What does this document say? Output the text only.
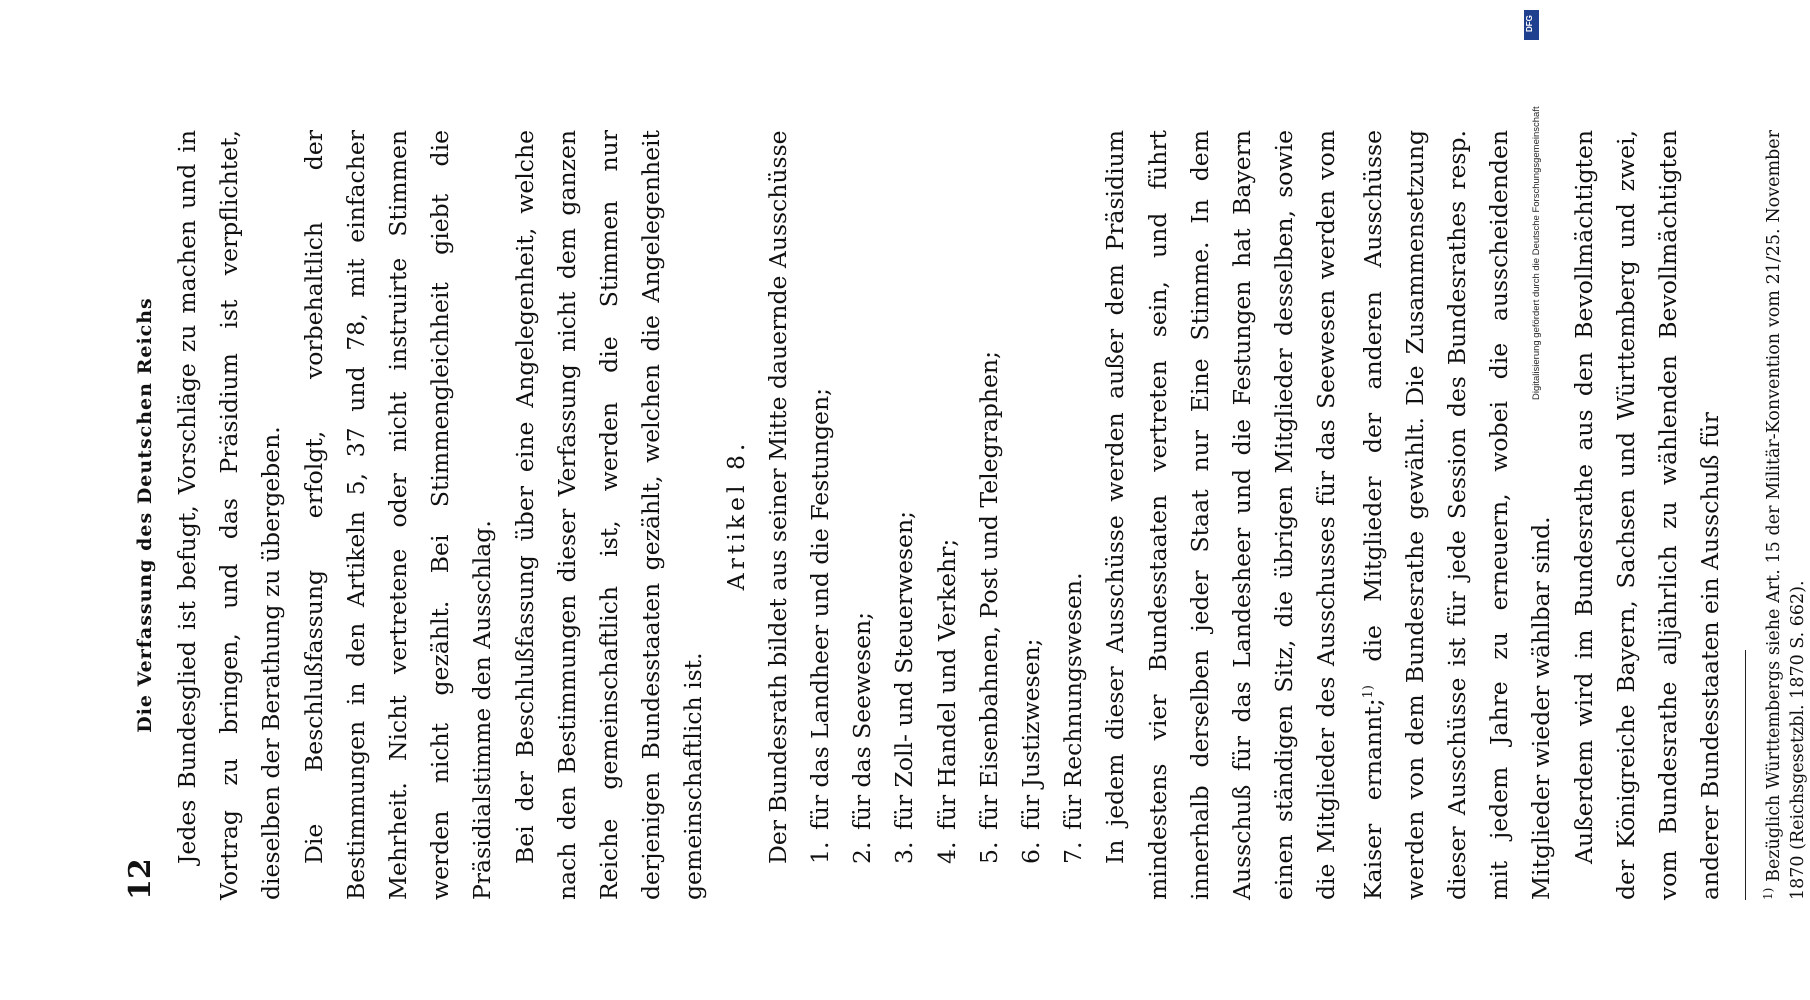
12
Die Verfassung des Deutschen Reichs Jedes Bundesglied ist befugt, Vorschläge zu machen und in Vortrag zu bringen, und das Präsidium ist verpflichtet, dieselben der Berathung zu übergeben. Die Beschlußfassung erfolgt, vorbehaltlich der Bestimmungen in den Artikeln 5, 37 und 78, mit einfacher Mehrheit. Nicht vertretene oder nicht instruirte Stimmen werden nicht gezählt. Bei Stimmengleichheit giebt die Präsidialstimme den Ausschlag. Bei der Beschlußfassung über eine Angelegenheit, welche nach den Bestimmungen dieser Verfassung nicht dem ganzen Reiche gemeinschaftlich ist, werden die Stimmen nur derjenigen Bundesstaaten gezählt, welchen die Angelegenheit gemeinschaftlich ist.

Artikel 8. Der Bundesrath bildet aus seiner Mitte dauernde Ausschüsse 1.für das Landheer und die Festungen;
2.für das Seewesen;
3.für Zoll- und Steuerwesen;
4.für Handel und Verkehr;
5.für Eisenbahnen, Post und Telegraphen;
6.für Justizwesen;
7.für Rechnungswesen. In jedem dieser Ausschüsse werden außer dem Präsidium mindestens vier Bundesstaaten vertreten sein, und führt innerhalb derselben jeder Staat nur Eine Stimme. In dem Ausschuß für das Landesheer und die Festungen hat Bayern einen ständigen Sitz, die übrigen Mitglieder desselben, sowie die Mitglieder des Ausschusses für das Seewesen werden vom Kaiser ernannt;$^{1)}$ die Mitglieder der anderen Ausschüsse werden von dem Bundesrathe gewählt. Die Zusammensetzung dieser Ausschüsse ist für jede Session des Bundesrathes resp. mit jedem Jahre zu erneuern, wobei die ausscheidenden Mitglieder wieder wählbar sind. Außerdem wird im Bundesrathe aus den Bevollmächtigten der Königreiche Bayern, Sachsen und Württemberg und zwei, vom Bundesrathe alljährlich zu wählenden Bevollmächtigten anderer Bundesstaaten ein Ausschuß für	$^{1)}$ Bezüglich Württembergs siehe Art. 15 der Militär-Konvention vom 21/25. November 1870 (Reichsgesetzbl. 1870 S. 662).

DFG
Digitalisierung gefördert durch die Deutsche Forschungsgemeinschaft
